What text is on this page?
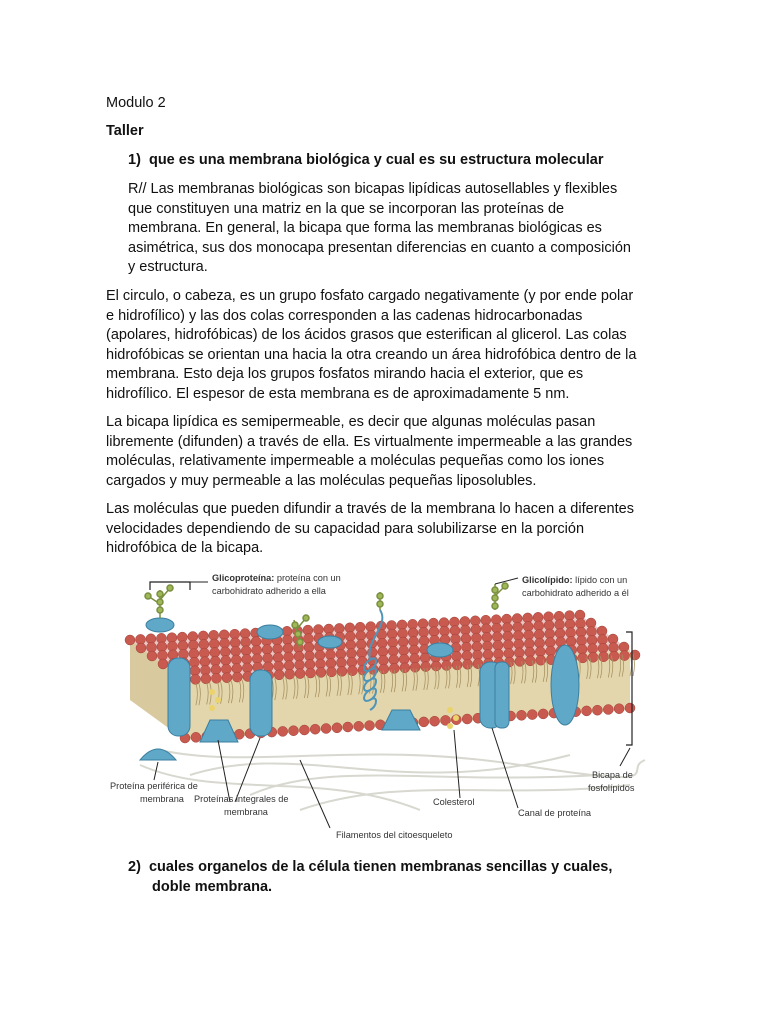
Modulo 2

Taller

1) que es una membrana biológica y cual es su estructura molecular

R// Las membranas biológicas son bicapas lipídicas autosellables y flexibles
que constituyen una matriz en la que se incorporan las proteínas de
membrana. En general, la bicapa que forma las membranas biológicas es
asimétrica, sus dos monocapa presentan diferencias en cuanto a composición
y estructura.
El circulo, o cabeza, es un grupo fosfato cargado negativamente (y por ende polar
e hidrofílico) y las dos colas corresponden a las cadenas hidrocarbonadas
(apolares, hidrofóbicas) de los ácidos grasos que esterifican al glicerol. Las colas
hidrofóbicas se orientan una hacia la otra creando un área hidrofóbica dentro de la
membrana. Esto deja los grupos fosfatos mirando hacia el exterior, que es
hidrofílico. El espesor de esta membrana es de aproximadamente 5 nm.
La bicapa lipídica es semipermeable, es decir que algunas moléculas pasan
libremente (difunden) a través de ella. Es virtualmente impermeable a las grandes
moléculas, relativamente impermeable a moléculas pequeñas como los iones
cargados y muy permeable a las moléculas pequeñas liposolubles.
Las moléculas que pueden difundir a través de la membrana lo hacen a diferentes
velocidades dependiendo de su capacidad para solubilizarse en la porción
hidrofóbica de la bicapa.
Glicoproteína: proteína con un
carbohidrato adherido a ella
Glicolípido: lípido con un
carbohidrato adherido a él
Proteína periférica de
membrana Proteínas integrales de
membrana
Colesterol
Canal de proteína
Bicapa de
fosfolípidos
Filamentos del citoesqueleto
2) cuales organelos de la célula tienen membranas sencillas y cuales,
doble membrana.
